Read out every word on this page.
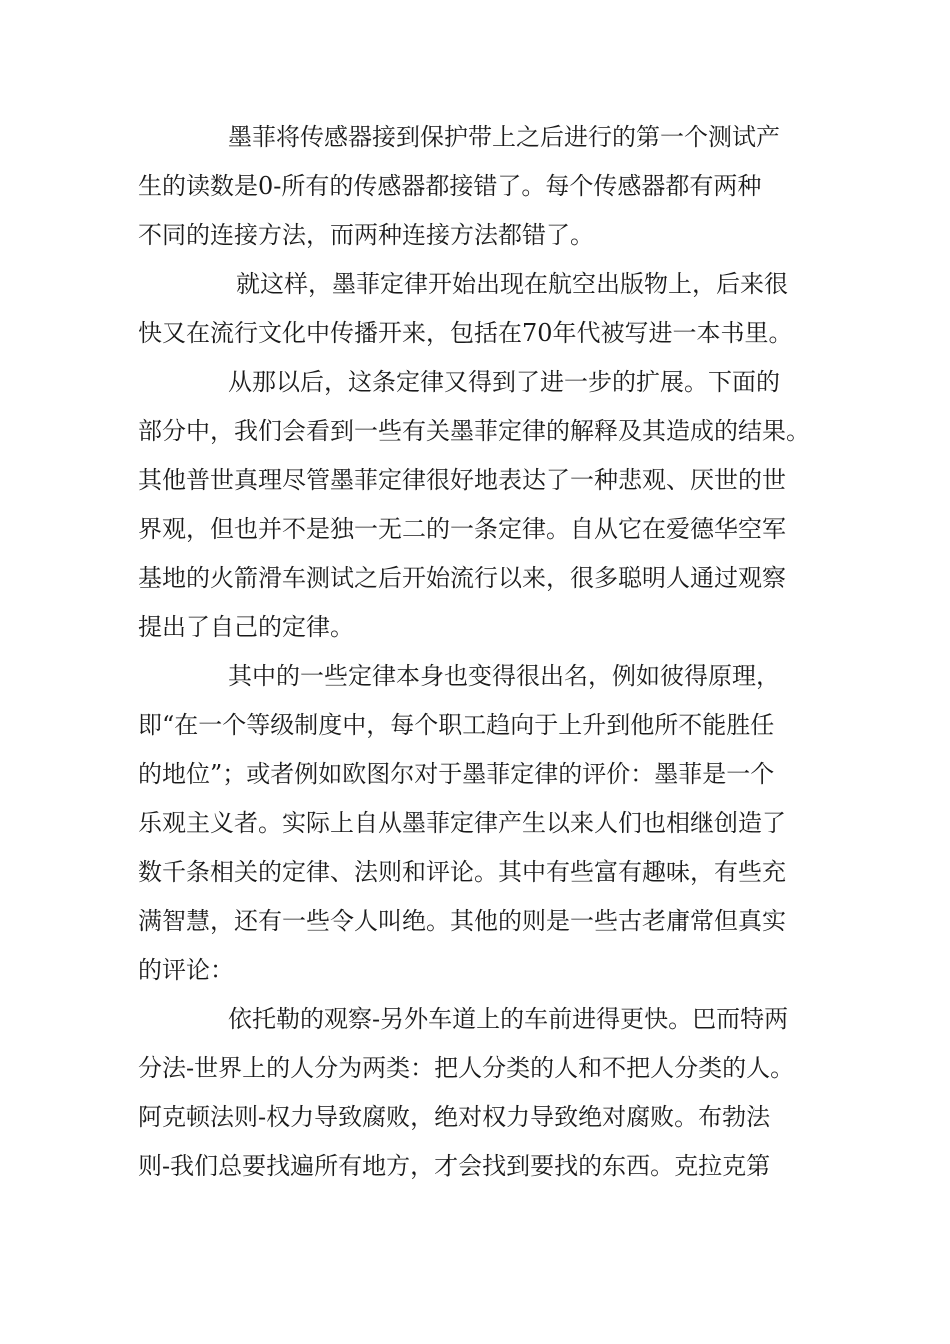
墨菲将传感器接到保护带上之后进行的第一个测试产
生的读数是0-所有的传感器都接错了。每个传感器都有两种
不同的连接方法，而两种连接方法都错了。
就这样，墨菲定律开始出现在航空出版物上，后来很
快又在流行文化中传播开来，包括在70年代被写进一本书里。
从那以后，这条定律又得到了进一步的扩展。下面的
部分中，我们会看到一些有关墨菲定律的解释及其造成的结果。
其他普世真理尽管墨菲定律很好地表达了一种悲观、厌世的世
界观，但也并不是独一无二的一条定律。自从它在爱德华空军
基地的火箭滑车测试之后开始流行以来，很多聪明人通过观察
提出了自己的定律。
其中的一些定律本身也变得很出名，例如彼得原理，
即“在一个等级制度中，每个职工趋向于上升到他所不能胜任
的地位”；或者例如欧图尔对于墨菲定律的评价：墨菲是一个
乐观主义者。实际上自从墨菲定律产生以来人们也相继创造了
数千条相关的定律、法则和评论。其中有些富有趣味，有些充
满智慧，还有一些令人叫绝。其他的则是一些古老庸常但真实
的评论：
依托勒的观察-另外车道上的车前进得更快。巴而特两
分法-世界上的人分为两类：把人分类的人和不把人分类的人。
阿克顿法则-权力导致腐败，绝对权力导致绝对腐败。布勃法
则-我们总要找遍所有地方，才会找到要找的东西。克拉克第
